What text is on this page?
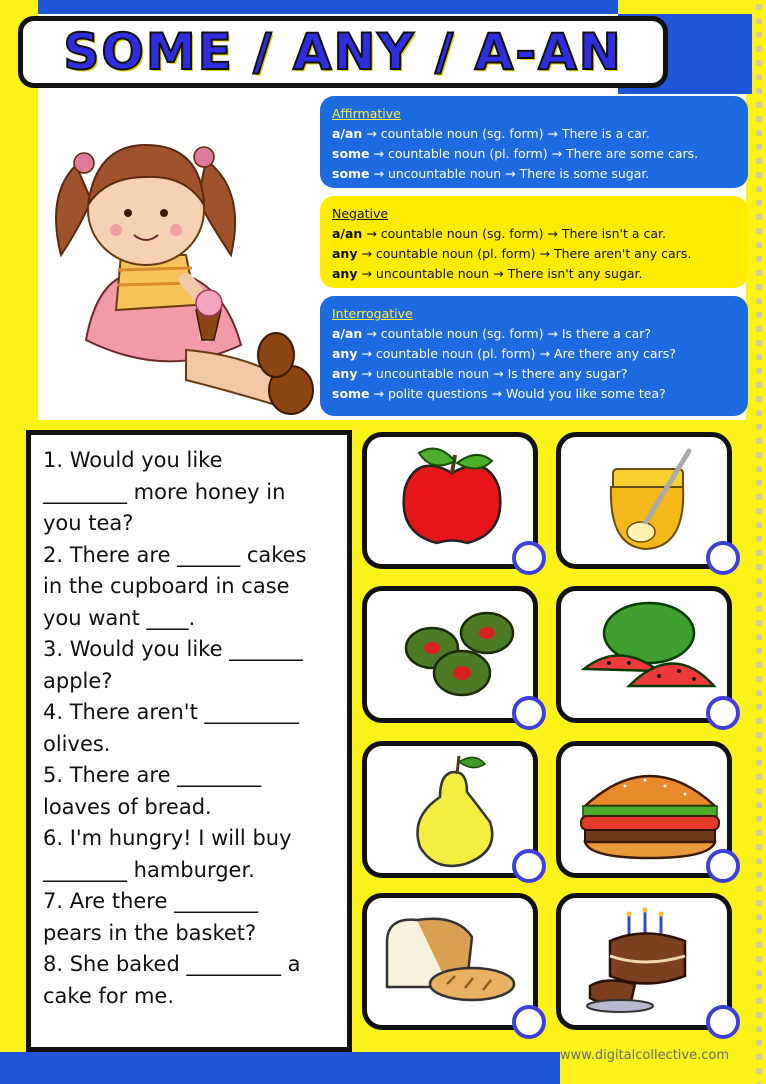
SOME / ANY / A-AN
Affirmative
a/an → countable noun (sg. form) → There is a car.
some → countable noun (pl. form) → There are some cars.
some → uncountable noun → There is some sugar.
Negative
a/an → countable noun (sg. form) → There isn't a car.
any → countable noun (pl. form) → There aren't any cars.
any → uncountable noun → There isn't any sugar.
Interrogative
a/an → countable noun (sg. form) → Is there a car?
any → countable noun (pl. form) → Are there any cars?
any → uncountable noun → Is there any sugar?
some → polite questions → Would you like some tea?
1. Would you like
________ more honey in
you tea?
2. There are ______ cakes
in the cupboard in case
you want ____.
3. Would you like _______
apple?
4. There aren't _________
olives.
5. There are ________
loaves of bread.
6. I'm hungry! I will buy
________ hamburger.
7. Are there ________
pears in the basket?
8. She baked _________ a
cake for me.
www.digitalcollective.com
